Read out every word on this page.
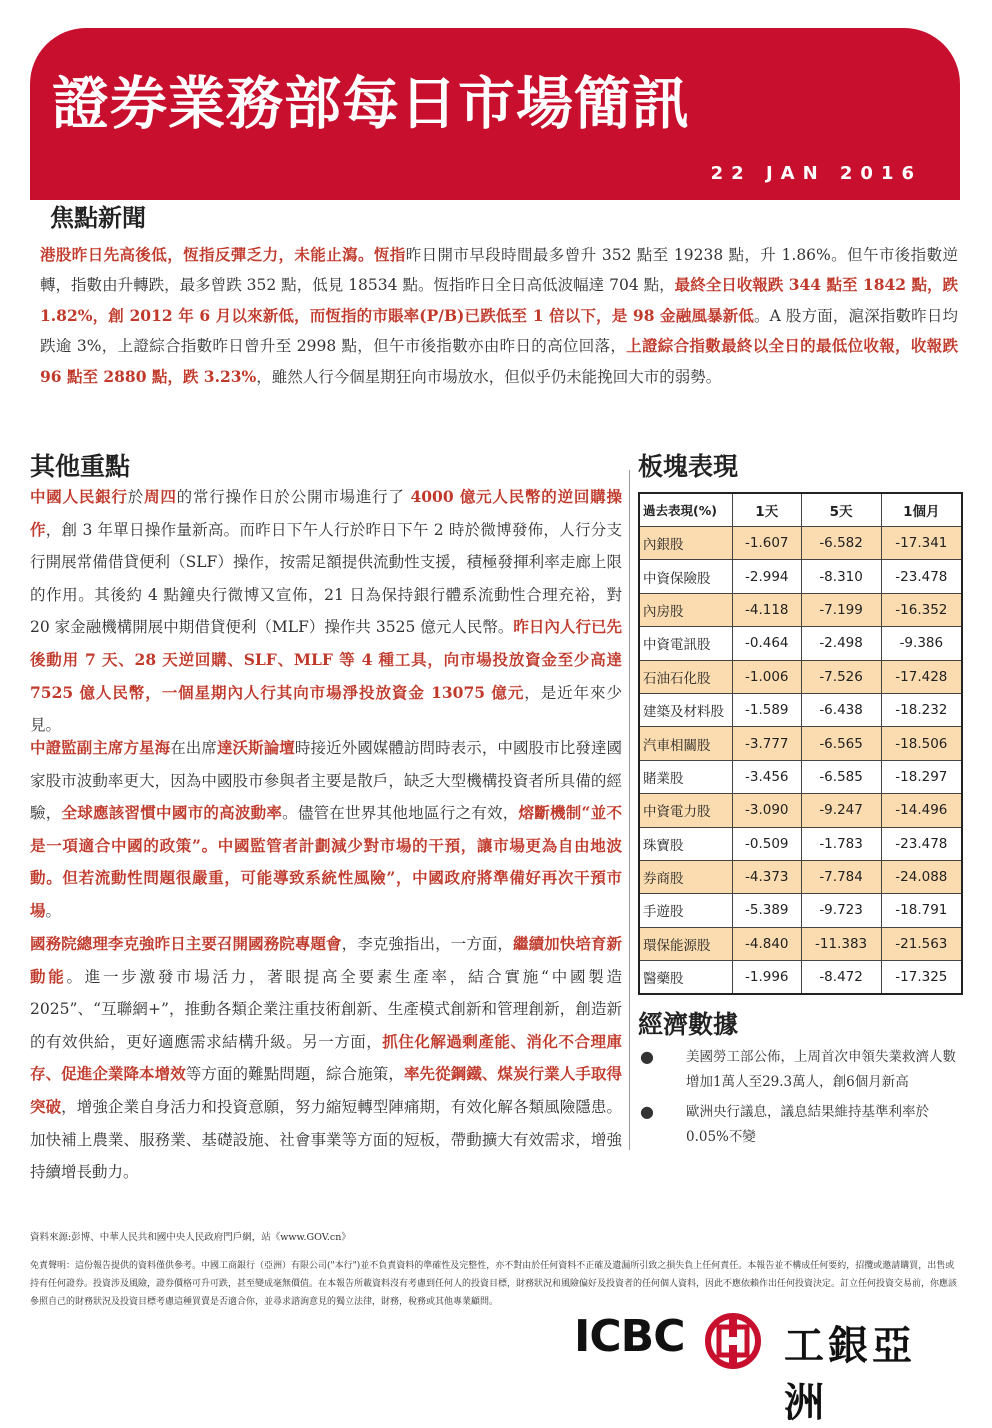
證券業務部每日市場簡訊
22 JAN 2016
焦點新聞
港股昨日先高後低，恆指反彈乏力，未能止瀉。恆指昨日開市早段時間最多曾升 352 點至 19238 點，升 1.86%。但午市後指數逆轉，指數由升轉跌，最多曾跌 352 點，低見 18534 點。恆指昨日全日高低波幅達 704 點，最終全日收報跌 344 點至 1842 點，跌 1.82%，創 2012 年 6 月以來新低，而恆指的市賬率(P/B)已跌低至 1 倍以下，是 98 金融風暴新低。A 股方面，滬深指數昨日均跌逾 3%，上證綜合指數昨日曾升至 2998 點，但午市後指數亦由昨日的高位回落，上證綜合指數最終以全日的最低位收報，收報跌 96 點至 2880 點，跌 3.23%，雖然人行今個星期狂向市場放水，但似乎仍未能挽回大市的弱勢。
其他重點
中國人民銀行於周四的常行操作日於公開市場進行了 4000 億元人民幣的逆回購操作，創 3 年單日操作量新高。而昨日下午人行於昨日下午 2 時於微博發佈，人行分支行開展常備借貸便利（SLF）操作，按需足額提供流動性支援，積極發揮利率走廊上限的作用。其後約 4 點鐘央行微博又宣佈，21 日為保持銀行體系流動性合理充裕，對 20 家金融機構開展中期借貸便利（MLF）操作共 3525 億元人民幣。昨日內人行已先後動用 7 天、28 天逆回購、SLF、MLF 等 4 種工具，向市場投放資金至少高達 7525 億人民幣，一個星期內人行其向市場淨投放資金 13075 億元，是近年來少見。
中證監副主席方星海在出席達沃斯論壇時接近外國媒體訪問時表示，中國股市比發達國家股市波動率更大，因為中國股市參與者主要是散戶，缺乏大型機構投資者所具備的經驗，全球應該習慣中國市的高波動率。儘管在世界其他地區行之有效，熔斷機制“並不是一項適合中國的政策”。中國監管者計劃減少對市場的干預，讓市場更為自由地波動。但若流動性問題很嚴重，可能導致系統性風險”，中國政府將準備好再次干預市場。
國務院總理李克強昨日主要召開國務院專題會，李克強指出，一方面，繼續加快培育新動能。進一步激發市場活力，著眼提高全要素生產率，結合實施“中國製造 2025”、“互聯網+”，推動各類企業注重技術創新、生產模式創新和管理創新，創造新的有效供給，更好適應需求結構升級。另一方面，抓住化解過剩產能、消化不合理庫存、促進企業降本增效等方面的難點問題，綜合施策，率先從鋼鐵、煤炭行業人手取得突破，增強企業自身活力和投資意願，努力縮短轉型陣痛期，有效化解各類風險隱患。加快補上農業、服務業、基礎設施、社會事業等方面的短板，帶動擴大有效需求，增強持續增長動力。
板塊表現
過去表現(%)	1天	5天	1個月
內銀股	-1.607	-6.582	-17.341
中資保險股	-2.994	-8.310	-23.478
內房股	-4.118	-7.199	-16.352
中資電訊股	-0.464	-2.498	-9.386
石油石化股	-1.006	-7.526	-17.428
建築及材料股	-1.589	-6.438	-18.232
汽車相關股	-3.777	-6.565	-18.506
賭業股	-3.456	-6.585	-18.297
中資電力股	-3.090	-9.247	-14.496
珠寶股	-0.509	-1.783	-23.478
券商股	-4.373	-7.784	-24.088
手遊股	-5.389	-9.723	-18.791
環保能源股	-4.840	-11.383	-21.563
醫藥股	-1.996	-8.472	-17.325
經濟數據
●	美國勞工部公佈，上周首次申領失業救濟人數增加1萬人至29.3萬人，創6個月新高
●	歐洲央行議息，議息結果維持基準利率於0.05%不變
資料來源:彭博、中華人民共和國中央人民政府門戶網，站《www.GOV.cn》
免責聲明：這份報告提供的資料僅供參考。中國工商銀行（亞洲）有限公司("本行")並不負責資料的準確性及完整性，亦不對由於任何資料不正確及遺漏所引致之損失負上任何責任。本報告並不構成任何要約，招攬或邀請購買，出售或持有任何證券。投資涉及風險，證券價格可升可跌，甚至變成毫無價值。在本報告所載資料沒有考慮到任何人的投資目標，財務狀況和風險偏好及投資者的任何個人資料，因此不應依賴作出任何投資決定。訂立任何投資交易前，你應該參照自己的財務狀況及投資目標考慮這種買賣是否適合你，並尋求諮詢意見的獨立法律，財務，稅務或其他專業顧問。
ICBC 工銀亞洲
